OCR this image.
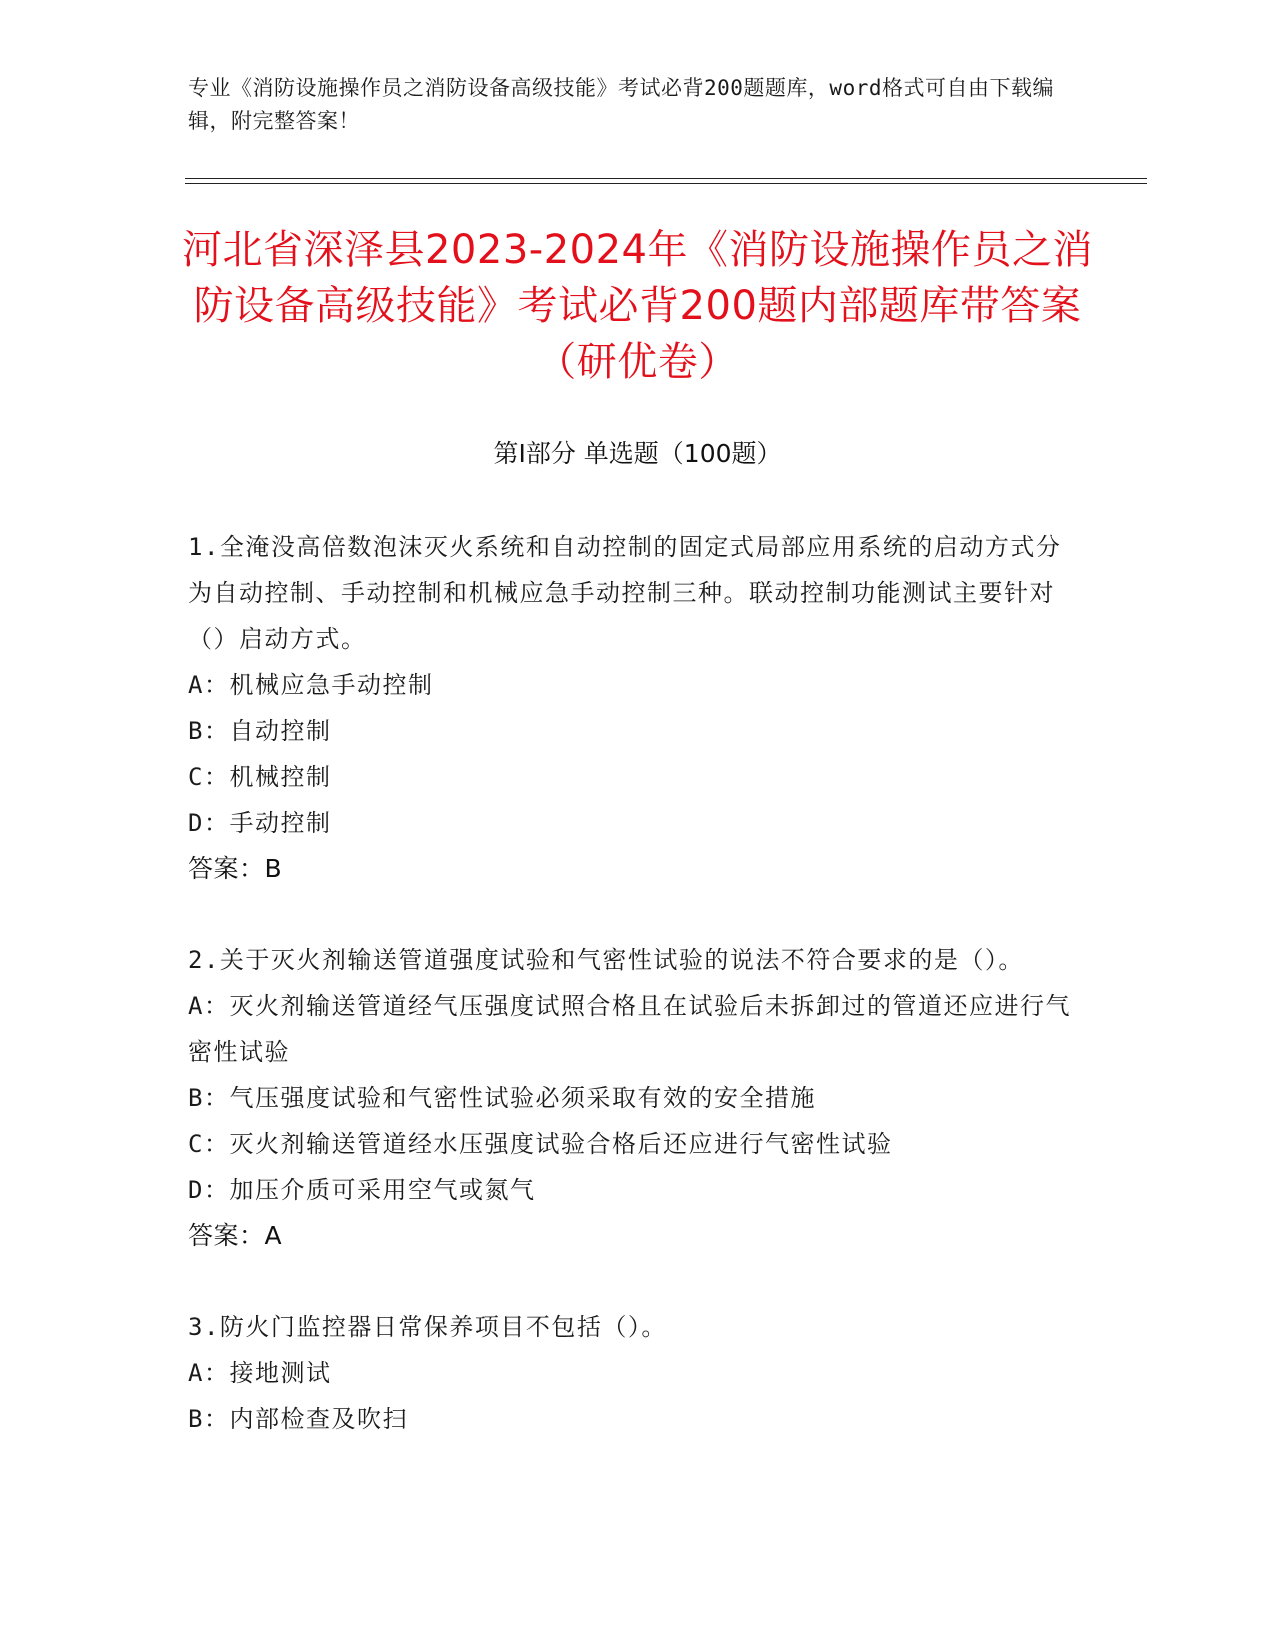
专业《消防设施操作员之消防设备高级技能》考试必背200题题库，word格式可自由下载编辑，附完整答案！
河北省深泽县2023-2024年《消防设施操作员之消防设备高级技能》考试必背200题内部题库带答案（研优卷）
第Ⅰ部分 单选题（100题）

1.全淹没高倍数泡沫灭火系统和自动控制的固定式局部应用系统的启动方式分为自动控制、手动控制和机械应急手动控制三种。联动控制功能测试主要针对（）启动方式。

A：机械应急手动控制

B：自动控制

C：机械控制

D：手动控制

答案：B

2.关于灭火剂输送管道强度试验和气密性试验的说法不符合要求的是（）。

A：灭火剂输送管道经气压强度试照合格且在试验后未拆卸过的管道还应进行气密性试验

B：气压强度试验和气密性试验必须采取有效的安全措施

C：灭火剂输送管道经水压强度试验合格后还应进行气密性试验

D：加压介质可采用空气或氮气

答案：A

3.防火门监控器日常保养项目不包括（）。

A：接地测试

B：内部检查及吹扫
